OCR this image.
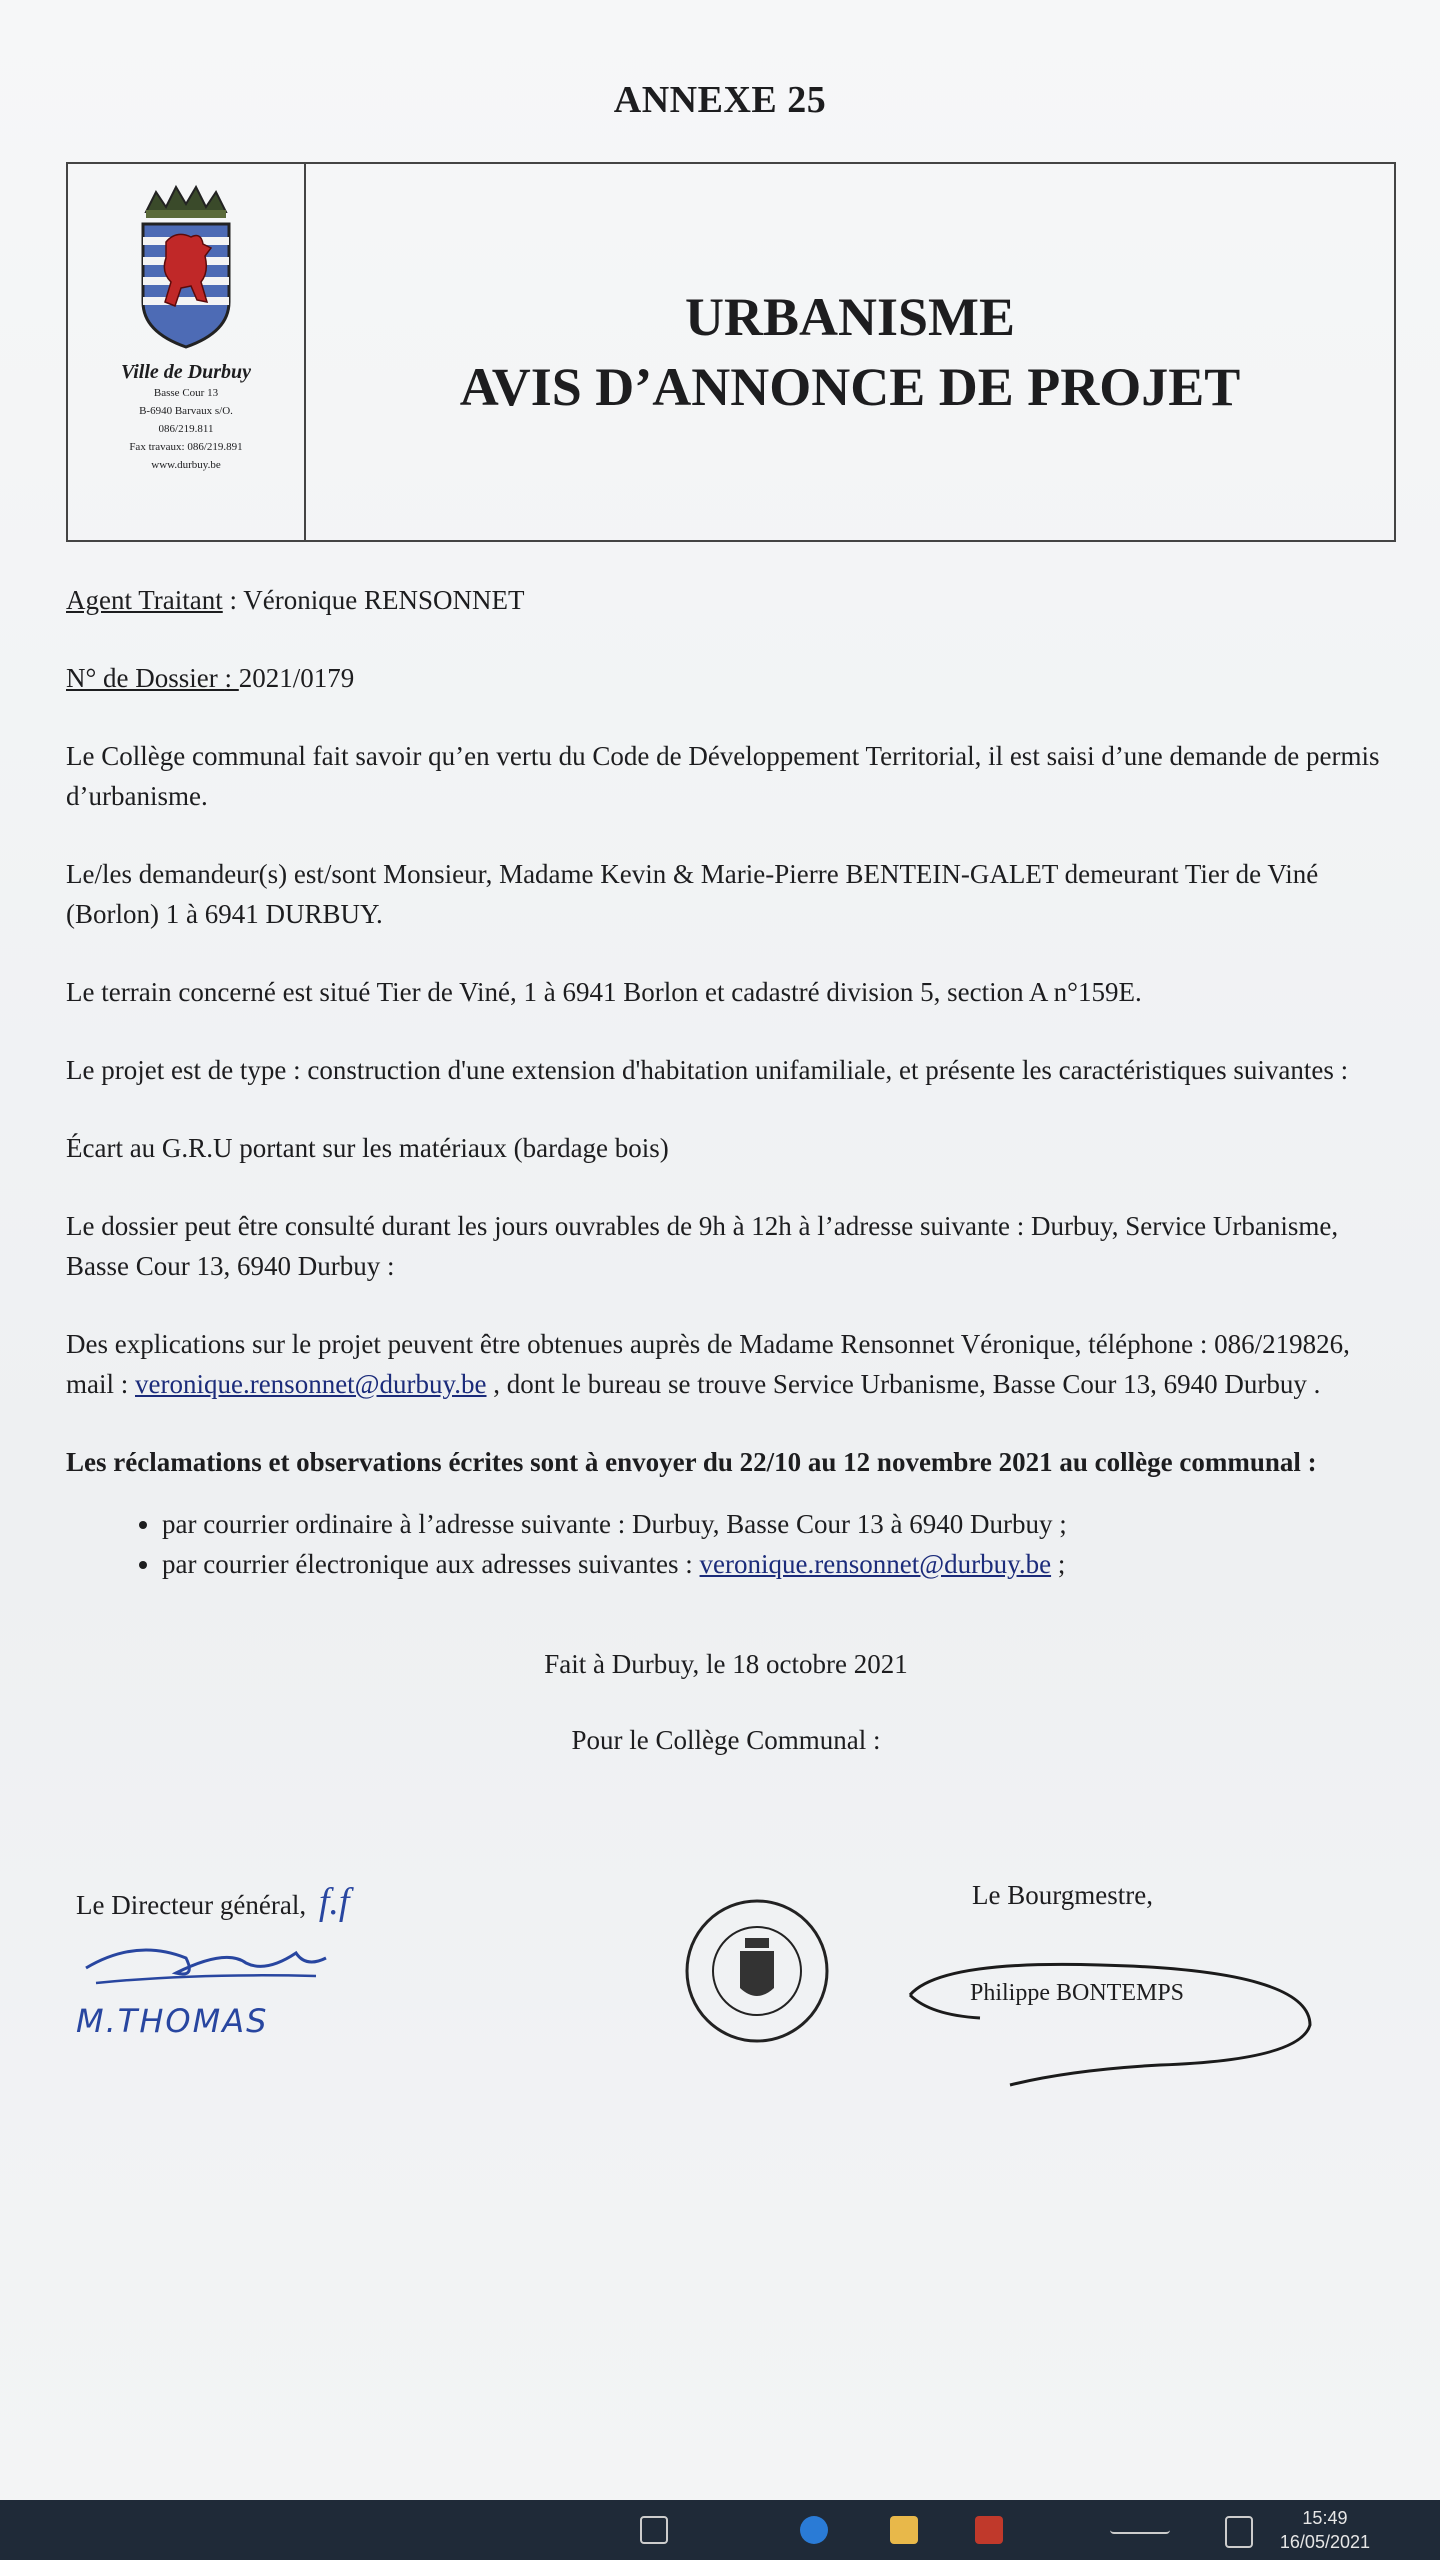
ANNEXE 25
Ville de Durbuy
Basse Cour 13
B-6940 Barvaux s/O.
086/219.811
Fax travaux: 086/219.891
www.durbuy.be
URBANISME
AVIS D’ANNONCE DE PROJET

Agent Traitant : Véronique RENSONNET

N° de Dossier : 2021/0179

Le Collège communal fait savoir qu’en vertu du Code de Développement Territorial, il est saisi d’une demande de permis d’urbanisme.

Le/les demandeur(s) est/sont Monsieur, Madame Kevin & Marie-Pierre BENTEIN-GALET demeurant Tier de Viné (Borlon) 1 à 6941 DURBUY.

Le terrain concerné est situé Tier de Viné, 1 à 6941 Borlon et cadastré division 5, section A n°159E.

Le projet est de type : construction d'une extension d'habitation unifamiliale, et présente les caractéristiques suivantes :

Écart au G.R.U portant sur les matériaux (bardage bois)

Le dossier peut être consulté durant les jours ouvrables de 9h à 12h à l’adresse suivante : Durbuy, Service Urbanisme, Basse Cour 13, 6940 Durbuy :

Des explications sur le projet peuvent être obtenues auprès de Madame Rensonnet Véronique, téléphone : 086/219826, mail : veronique.rensonnet@durbuy.be , dont le bureau se trouve Service Urbanisme, Basse Cour 13, 6940 Durbuy .

Les réclamations et observations écrites sont à envoyer du 22/10 au 12 novembre 2021 au collège communal :

• par courrier ordinaire à l’adresse suivante : Durbuy, Basse Cour 13 à 6940 Durbuy ;
• par courrier électronique aux adresses suivantes : veronique.rensonnet@durbuy.be ;

Fait à Durbuy, le 18 octobre 2021

Pour le Collège Communal :

Le Directeur général, f.f
M.THOMAS
Le Bourgmestre,
Philippe BONTEMPS
15:49
16/05/2021
